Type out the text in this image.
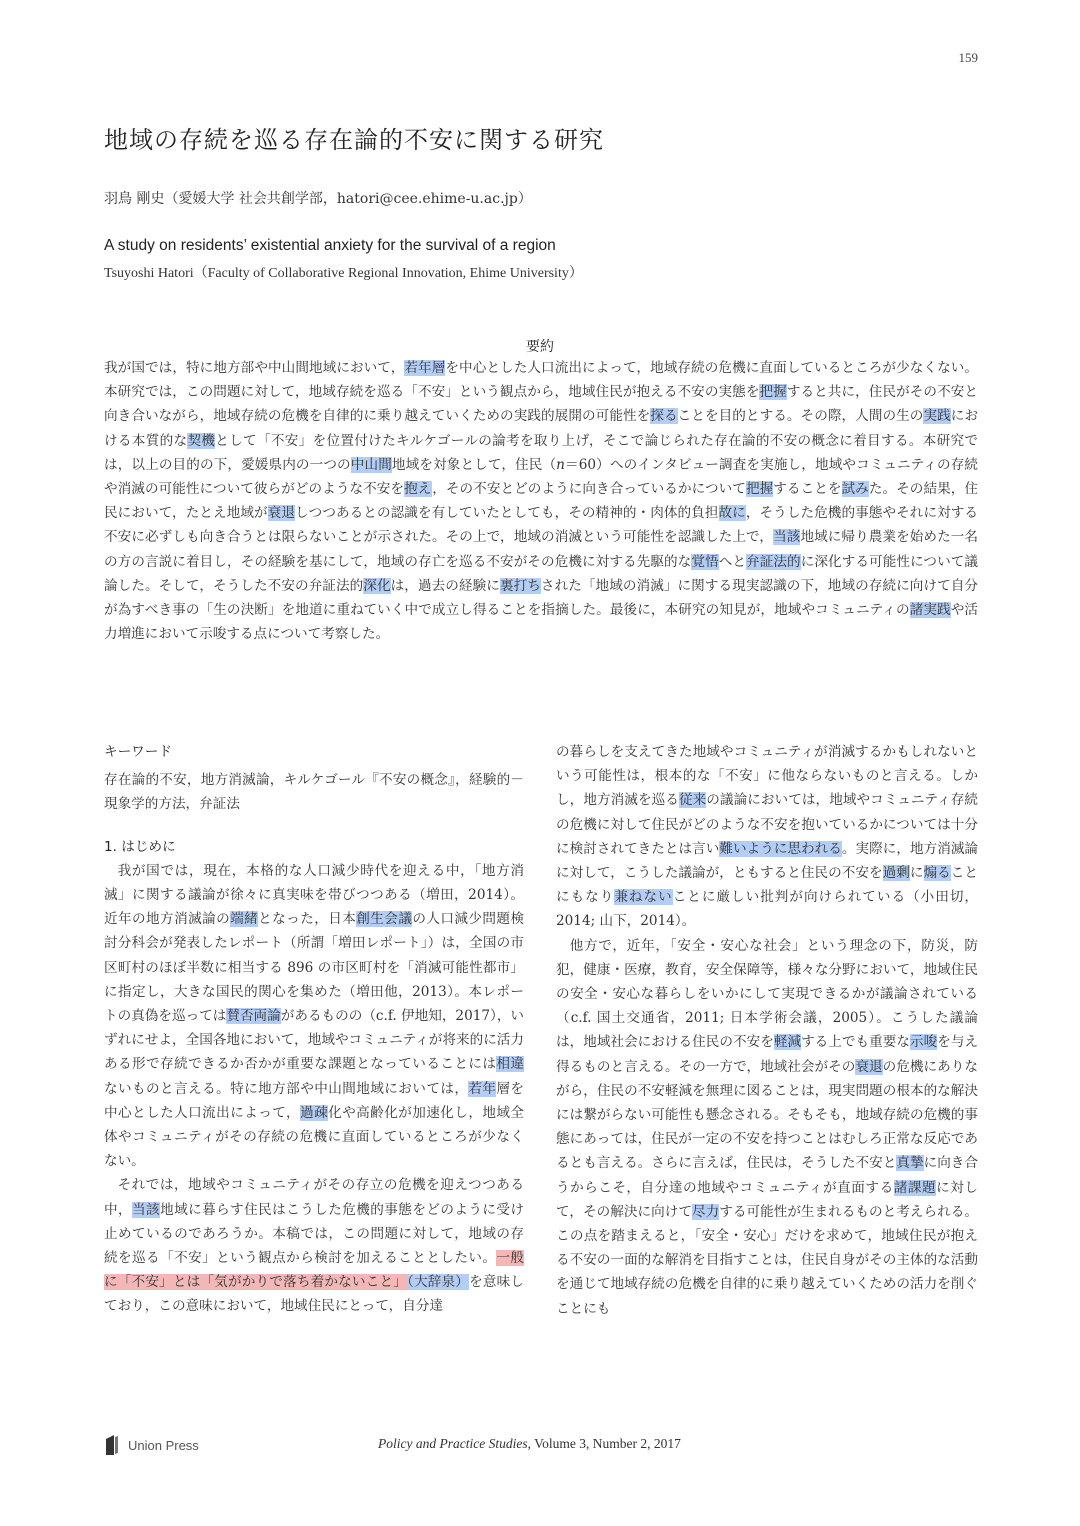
159
地域の存続を巡る存在論的不安に関する研究
羽鳥 剛史（愛媛大学 社会共創学部，hatori@cee.ehime-u.ac.jp）
A study on residents’ existential anxiety for the survival of a region
Tsuyoshi Hatori（Faculty of Collaborative Regional Innovation, Ehime University）
要約

我が国では，特に地方部や中山間地域において，若年層を中心とした人口流出によって，地域存続の危機に直面しているところが少なくない。本研究では，この問題に対して，地域存続を巡る「不安」という観点から，地域住民が抱える不安の実態を把握すると共に，住民がその不安と向き合いながら，地域存続の危機を自律的に乗り越えていくための実践的展開の可能性を探ることを目的とする。その際，人間の生の実践における本質的な契機として「不安」を位置付けたキルケゴールの論考を取り上げ，そこで論じられた存在論的不安の概念に着目する。本研究では，以上の目的の下，愛媛県内の一つの中山間地域を対象として，住民（n＝60）へのインタビュー調査を実施し，地域やコミュニティの存続や消滅の可能性について彼らがどのような不安を抱え，その不安とどのように向き合っているかについて把握することを試みた。その結果，住民において，たとえ地域が衰退しつつあるとの認識を有していたとしても，その精神的・肉体的負担故に，そうした危機的事態やそれに対する不安に必ずしも向き合うとは限らないことが示された。その上で，地域の消滅という可能性を認識した上で，当該地域に帰り農業を始めた一名の方の言説に着目し，その経験を基にして，地域の存亡を巡る不安がその危機に対する先駆的な覚悟へと弁証法的に深化する可能性について議論した。そして，そうした不安の弁証法的深化は，過去の経験に裏打ちされた「地域の消滅」に関する現実認識の下，地域の存続に向けて自分が為すべき事の「生の決断」を地道に重ねていく中で成立し得ることを指摘した。最後に，本研究の知見が，地域やコミュニティの諸実践や活力増進において示唆する点について考察した。

キーワード

存在論的不安，地方消滅論，キルケゴール『不安の概念』，経験的－現象学的方法，弁証法

1. はじめに

我が国では，現在，本格的な人口減少時代を迎える中，「地方消滅」に関する議論が徐々に真実味を帯びつつある（増田，2014）。近年の地方消滅論の端緒となった，日本創生会議の人口減少問題検討分科会が発表したレポート（所謂「増田レポート」）は，全国の市区町村のほぼ半数に相当する 896 の市区町村を「消滅可能性都市」に指定し，大きな国民的関心を集めた（増田他，2013）。本レポートの真偽を巡っては賛否両論があるものの（c.f. 伊地知，2017），いずれにせよ，全国各地において，地域やコミュニティが将来的に活力ある形で存続できるか否かが重要な課題となっていることには相違ないものと言える。特に地方部や中山間地域においては，若年層を中心とした人口流出によって，過疎化や高齢化が加速化し，地域全体やコミュニティがその存続の危機に直面しているところが少なくない。

それでは，地域やコミュニティがその存立の危機を迎えつつある中，当該地域に暮らす住民はこうした危機的事態をどのように受け止めているのであろうか。本稿では，この問題に対して，地域の存続を巡る「不安」という観点から検討を加えることとしたい。一般に「不安」とは「気がかりで落ち着かないこと」（大辞泉）を意味しており，この意味において，地域住民にとって，自分達

の暮らしを支えてきた地域やコミュニティが消滅するかもしれないという可能性は，根本的な「不安」に他ならないものと言える。しかし，地方消滅を巡る従来の議論においては，地域やコミュニティ存続の危機に対して住民がどのような不安を抱いているかについては十分に検討されてきたとは言い難いように思われる。実際に，地方消滅論に対して，こうした議論が，ともすると住民の不安を過剰に煽ることにもなり兼ねないことに厳しい批判が向けられている（小田切，2014; 山下，2014）。

他方で，近年，「安全・安心な社会」という理念の下，防災，防犯，健康・医療，教育，安全保障等，様々な分野において，地域住民の安全・安心な暮らしをいかにして実現できるかが議論されている（c.f. 国土交通省，2011; 日本学術会議，2005）。こうした議論は，地域社会における住民の不安を軽減する上でも重要な示唆を与え得るものと言える。その一方で，地域社会がその衰退の危機にありながら，住民の不安軽減を無理に図ることは，現実問題の根本的な解決には繋がらない可能性も懸念される。そもそも，地域存続の危機的事態にあっては，住民が一定の不安を持つことはむしろ正常な反応であるとも言える。さらに言えば，住民は，そうした不安と真摯に向き合うからこそ，自分達の地域やコミュニティが直面する諸課題に対して，その解決に向けて尽力する可能性が生まれるものと考えられる。この点を踏まえると，「安全・安心」だけを求めて，地域住民が抱える不安の一面的な解消を目指すことは，住民自身がその主体的な活動を通じて地域存続の危機を自律的に乗り越えていくための活力を削ぐことにも

Union Press	Policy and Practice Studies, Volume 3, Number 2, 2017
